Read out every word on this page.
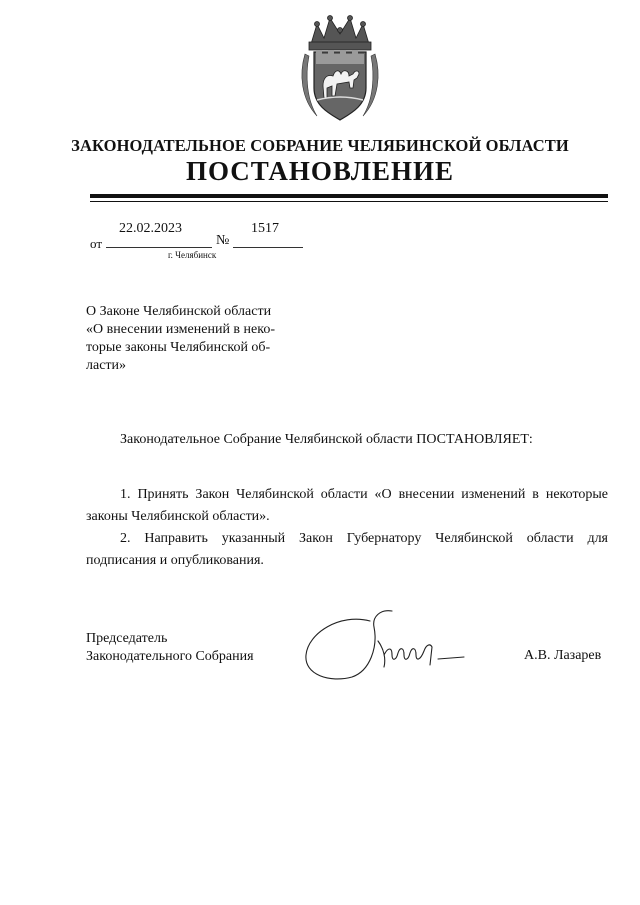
ЗАКОНОДАТЕЛЬНОЕ СОБРАНИЕ ЧЕЛЯБИНСКОЙ ОБЛАСТИ
ПОСТАНОВЛЕНИЕ
от
22.02.2023
№
1517
г. Челябинск
О Законе Челябинской области
«О внесении изменений в неко-
торые законы Челябинской об-
ласти»
Законодательное Собрание Челябинской области ПОСТАНОВЛЯЕТ:
1. Принять Закон Челябинской области «О внесении изменений в некоторые законы Челябинской области».
2. Направить указанный Закон Губернатору Челябинской области для подписания и опубликования.
Председатель
Законодательного Собрания	А.В. Лазарев
